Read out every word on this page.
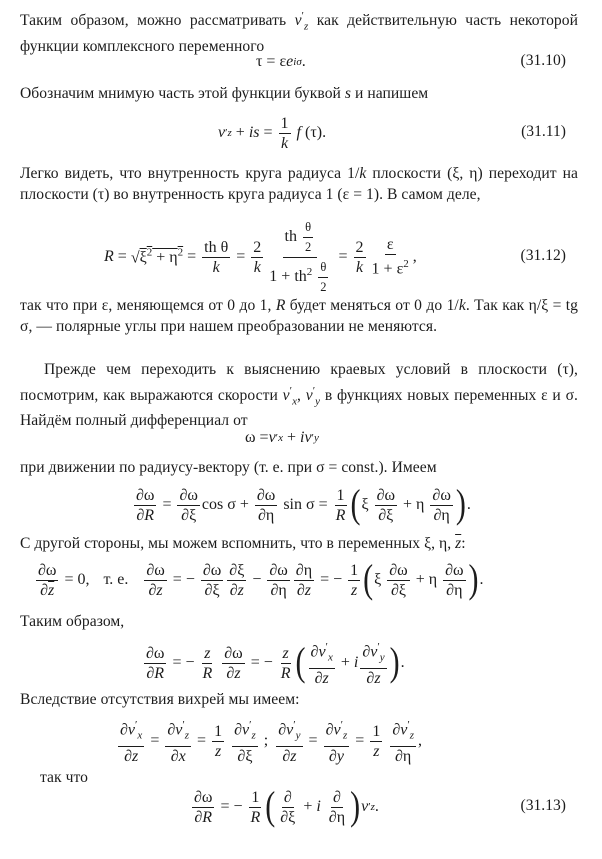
Таким образом, можно рассматривать $v'_z$ как действительную часть некоторой функции комплексного переменного

τ = ε e iσ .	(31.10)

Обозначим мнимую часть этой функции буквой s и напишем

v ′ z + is =
1
k

f (τ).	(31.11)

Легко видеть, что внутренность круга радиуса 1/k плоскости (ξ, η) переходит на плоскости (τ) во внутренность круга радиуса 1 (ε = 1). В самом деле,

$R = √\xi^2 + \eta^2$ =
th θ
k
=
2
k
th $\frac{\theta}{2}$
$1 + th^2 \frac{\theta}{2}$
=
2
k
ε
$1 + \varepsilon^2$ ,	(31.12)

так что при ε, меняющемся от 0 до 1, R будет меняться от 0 до 1/k. Так как η/ξ = tg σ, — полярные углы при нашем преобразовании не меняются.

Прежде чем переходить к выяснению краевых условий в плоскости (τ), посмотрим, как выражаются скорости $v'_x$, $v'_y$ в функциях новых переменных ε и σ. Найдём полный дифференциал от

ω = v ′ x + iv ′ y

при движении по радиусу-вектору (т. е. при σ = const.). Имеем

∂ω
∂R
=
∂ω
∂ξ
cos σ +
∂ω
∂η
sin σ =
1
R ( ξ
∂ω
∂ξ
+ η
∂ω
∂η ) .

С другой стороны, мы можем вспомнить, что в переменных ξ, η, $\overline{z}$:

∂ω
$\partial\overline{z}$
= 0, т. е.
∂ω
∂z
= −
∂ω
∂ξ
∂ξ
∂z
−
∂ω
∂η
∂η
∂z
= −
1
z ( ξ
∂ω
∂ξ
+ η
∂ω
∂η ) .

Таким образом,

∂ω
∂R
= −
z
R

∂ω
∂z
= −
z
R ( $\partial v'_x$
∂z
+ i
$\partial v'_y$
∂z ) .

Вследствие отсутствия вихрей мы имеем:

$\partial v'_x$
∂z
=
$\partial v'_z$
∂x
=
1
z

$\partial v'_z$
∂ξ
;
$\partial v'_y$
∂z
=
$\partial v'_z$
∂y
=
1
z

$\partial v'_z$
∂η
,

так что

∂ω
∂R
= −
1
R ( ∂
∂ξ
+ i

∂
∂η ) v ′ z .	(31.13)
